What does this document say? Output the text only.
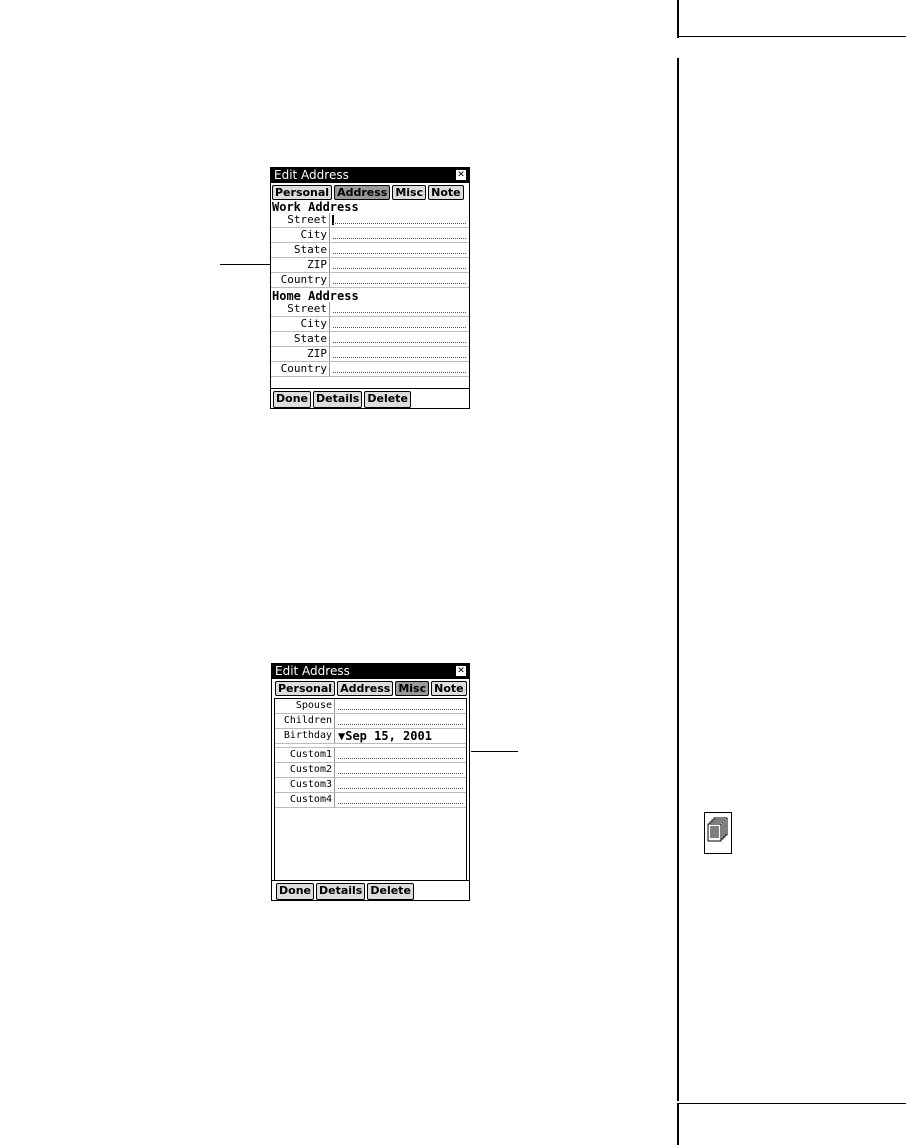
Edit Address	✕
Personal Address Misc Note
Work Address
Street
City
State
ZIP
Country
Home Address
Street
City
State
ZIP
Country
Done Details Delete
Edit Address	✕
Personal Address Misc Note
Spouse
Children
Birthday ▼Sep 15, 2001
Custom1
Custom2
Custom3
Custom4
Done Details Delete
